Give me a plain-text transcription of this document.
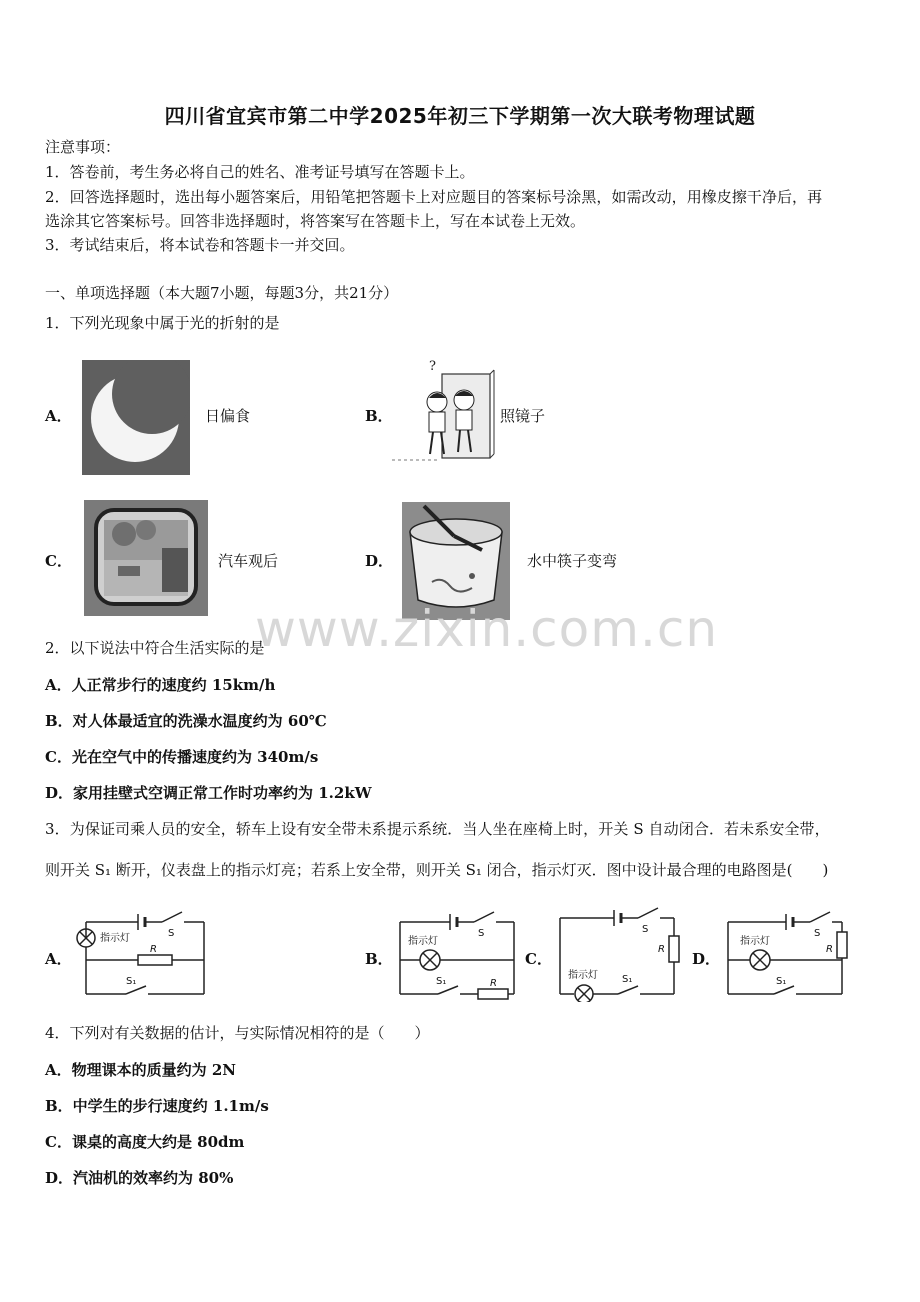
四川省宜宾市第二中学2025年初三下学期第一次大联考物理试题
注意事项：
1．答卷前，考生务必将自己的姓名、准考证号填写在答题卡上。
2．回答选择题时，选出每小题答案后，用铅笔把答题卡上对应题目的答案标号涂黑，如需改动，用橡皮擦干净后，再
选涂其它答案标号。回答非选择题时，将答案写在答题卡上，写在本试卷上无效。
3．考试结束后，将本试卷和答题卡一并交回。
一、单项选择题（本大题7小题，每题3分，共21分）
1．下列光现象中属于光的折射的是
A．	日偏食	B．
?
照镜子
C．	汽车观后	D．	水中筷子变弯
www.zixin.com.cn
2．以下说法中符合生活实际的是
A．人正常步行的速度约 15km/h
B．对人体最适宜的洗澡水温度约为 60℃
C．光在空气中的传播速度约为 340m/s
D．家用挂壁式空调正常工作时功率约为 1.2kW
3．为保证司乘人员的安全，轿车上设有安全带未系提示系统．当人坐在座椅上时，开关 S 自动闭合．若未系安全带，
则开关 S₁ 断开，仪表盘上的指示灯亮；若系上安全带，则开关 S₁ 闭合，指示灯灭．图中设计最合理的电路图是(　　)
A．
指示灯	S
R
S₁
B．
指示灯
S
S₁	R
C．
S
R
指示灯 S₁
D．
指示灯
S
R
S₁
4．下列对有关数据的估计，与实际情况相符的是（　　）
A．物理课本的质量约为 2N
B．中学生的步行速度约 1.1m/s
C．课桌的高度大约是 80dm
D．汽油机的效率约为 80%
